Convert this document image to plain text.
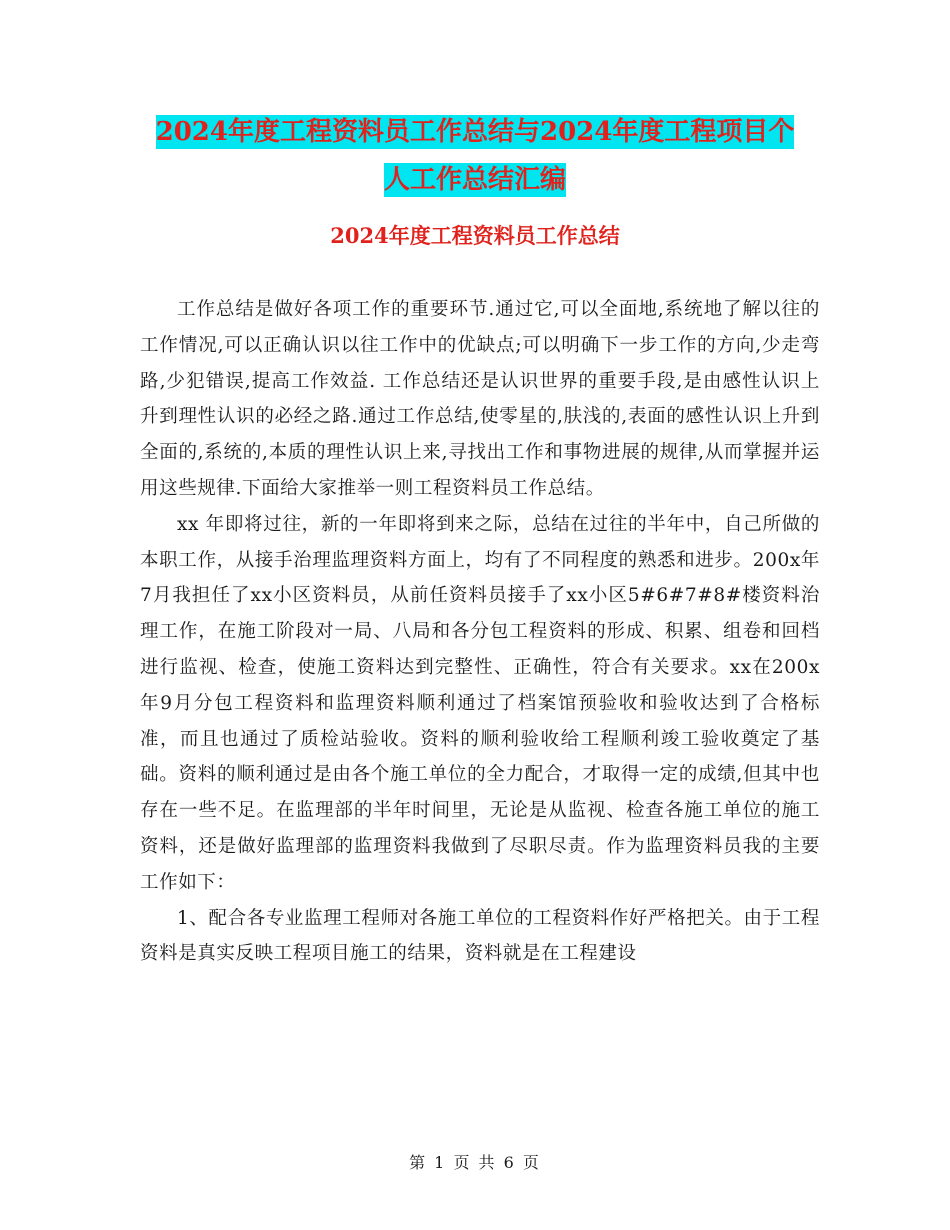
2024年度工程资料员工作总结与2024年度工程项目个
人工作总结汇编
2024年度工程资料员工作总结

工作总结是做好各项工作的重要环节.通过它,可以全面地,系统地了解以往的工作情况,可以正确认识以往工作中的优缺点;可以明确下一步工作的方向,少走弯路,少犯错误,提高工作效益. 工作总结还是认识世界的重要手段,是由感性认识上升到理性认识的必经之路.通过工作总结,使零星的,肤浅的,表面的感性认识上升到全面的,系统的,本质的理性认识上来,寻找出工作和事物进展的规律,从而掌握并运用这些规律.下面给大家推举一则工程资料员工作总结。

xx 年即将过往，新的一年即将到来之际，总结在过往的半年中，自己所做的本职工作，从接手治理监理资料方面上，均有了不同程度的熟悉和进步。200x年7月我担任了xx小区资料员，从前任资料员接手了xx小区5#6#7#8#楼资料治理工作，在施工阶段对一局、八局和各分包工程资料的形成、积累、组卷和回档进行监视、检查，使施工资料达到完整性、正确性，符合有关要求。xx在200x年9月分包工程资料和监理资料顺利通过了档案馆预验收和验收达到了合格标准，而且也通过了质检站验收。资料的顺利验收给工程顺利竣工验收奠定了基础。资料的顺利通过是由各个施工单位的全力配合，才取得一定的成绩,但其中也存在一些不足。在监理部的半年时间里，无论是从监视、检查各施工单位的施工资料，还是做好监理部的监理资料我做到了尽职尽责。作为监理资料员我的主要工作如下：

1、配合各专业监理工程师对各施工单位的工程资料作好严格把关。由于工程资料是真实反映工程项目施工的结果，资料就是在工程建设

第 1 页 共 6 页
